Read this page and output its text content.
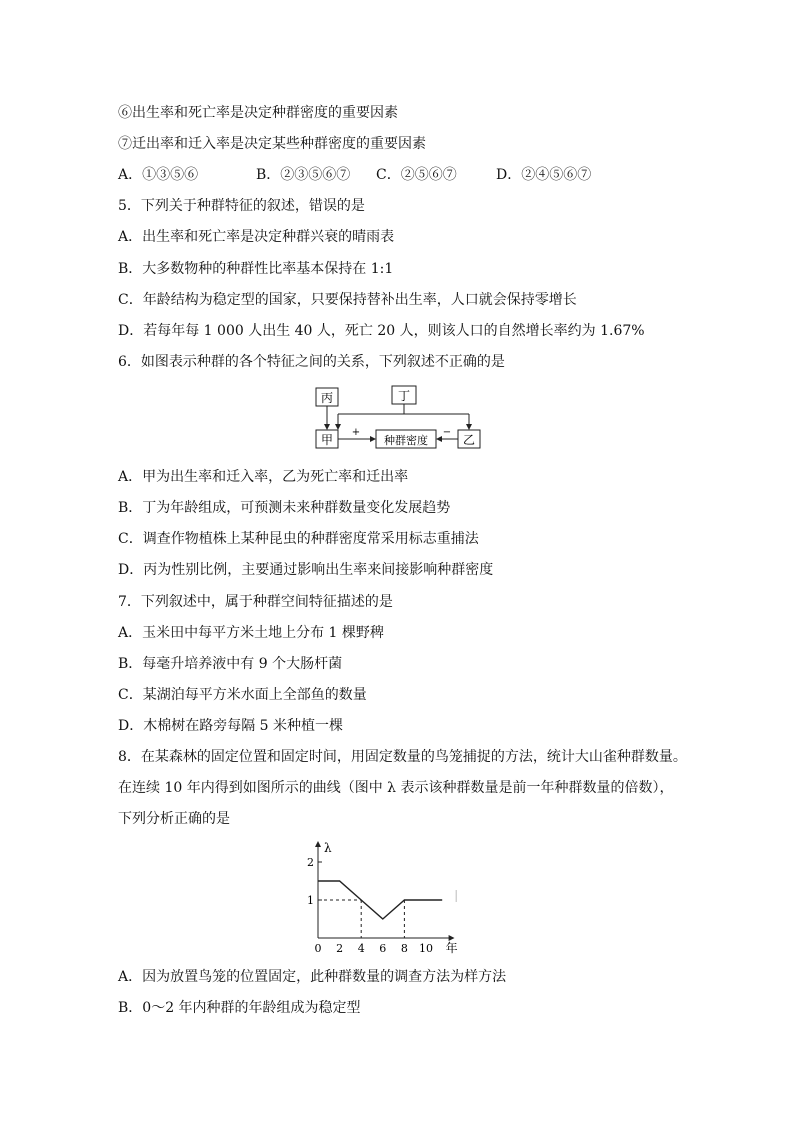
⑥出生率和死亡率是决定种群密度的重要因素
⑦迁出率和迁入率是决定某些种群密度的重要因素
A．①③⑤⑥	B．②③⑤⑥⑦ C．②⑤⑥⑦	D．②④⑤⑥⑦
5．下列关于种群特征的叙述，错误的是
A．出生率和死亡率是决定种群兴衰的晴雨表
B．大多数物种的种群性比率基本保持在 1:1
C．年龄结构为稳定型的国家，只要保持替补出生率，人口就会保持零增长
D．若每年每 1 000 人出生 40 人，死亡 20 人，则该人口的自然增长率约为 1.67%
6．如图表示种群的各个特征之间的关系，下列叙述不正确的是
丙	丁
甲	种群密度	乙
+	−
A．甲为出生率和迁入率，乙为死亡率和迁出率
B．丁为年龄组成，可预测未来种群数量变化发展趋势
C．调查作物植株上某种昆虫的种群密度常采用标志重捕法
D．丙为性别比例，主要通过影响出生率来间接影响种群密度
7．下列叙述中，属于种群空间特征描述的是
A．玉米田中每平方米土地上分布 1 棵野稗
B．每毫升培养液中有 9 个大肠杆菌
C．某湖泊每平方米水面上全部鱼的数量
D．木棉树在路旁每隔 5 米种植一棵
8．在某森林的固定位置和固定时间，用固定数量的鸟笼捕捉的方法，统计大山雀种群数量。
在连续 10 年内得到如图所示的曲线（图中 λ 表示该种群数量是前一年种群数量的倍数），
下列分析正确的是
λ
年
0 2 4 6 8 10
1
2
A．因为放置鸟笼的位置固定，此种群数量的调查方法为样方法
B．0～2 年内种群的年龄组成为稳定型
